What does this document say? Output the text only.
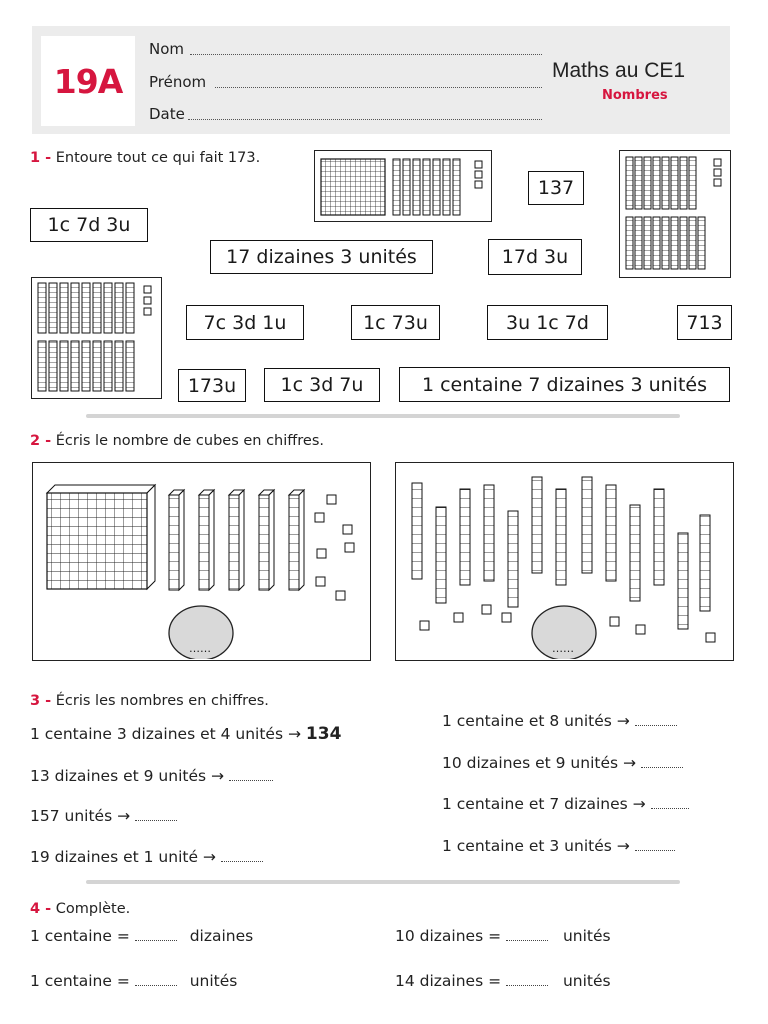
19A
Nom
Prénom
Date
Maths au CE1
Nombres
1 - Entoure tout ce qui fait 173.
1c 7d 3u
17 dizaines 3 unités
137
17d 3u
7c 3d 1u	1c 73u	3u 1c 7d	713
173u	1c 3d 7u	1 centaine 7 dizaines 3 unités
2 - Écris le nombre de cubes en chiffres.
……	……
3 - Écris les nombres en chiffres.
1 centaine 3 dizaines et 4 unités → 134
13 dizaines et 9 unités →
157 unités →
19 dizaines et 1 unité →
1 centaine et 8 unités →
10 dizaines et 9 unités →
1 centaine et 7 dizaines →
1 centaine et 3 unités →
4 - Complète.
1 centaine =	dizaines	10 dizaines =	unités
1 centaine =	unités	14 dizaines =	unités
